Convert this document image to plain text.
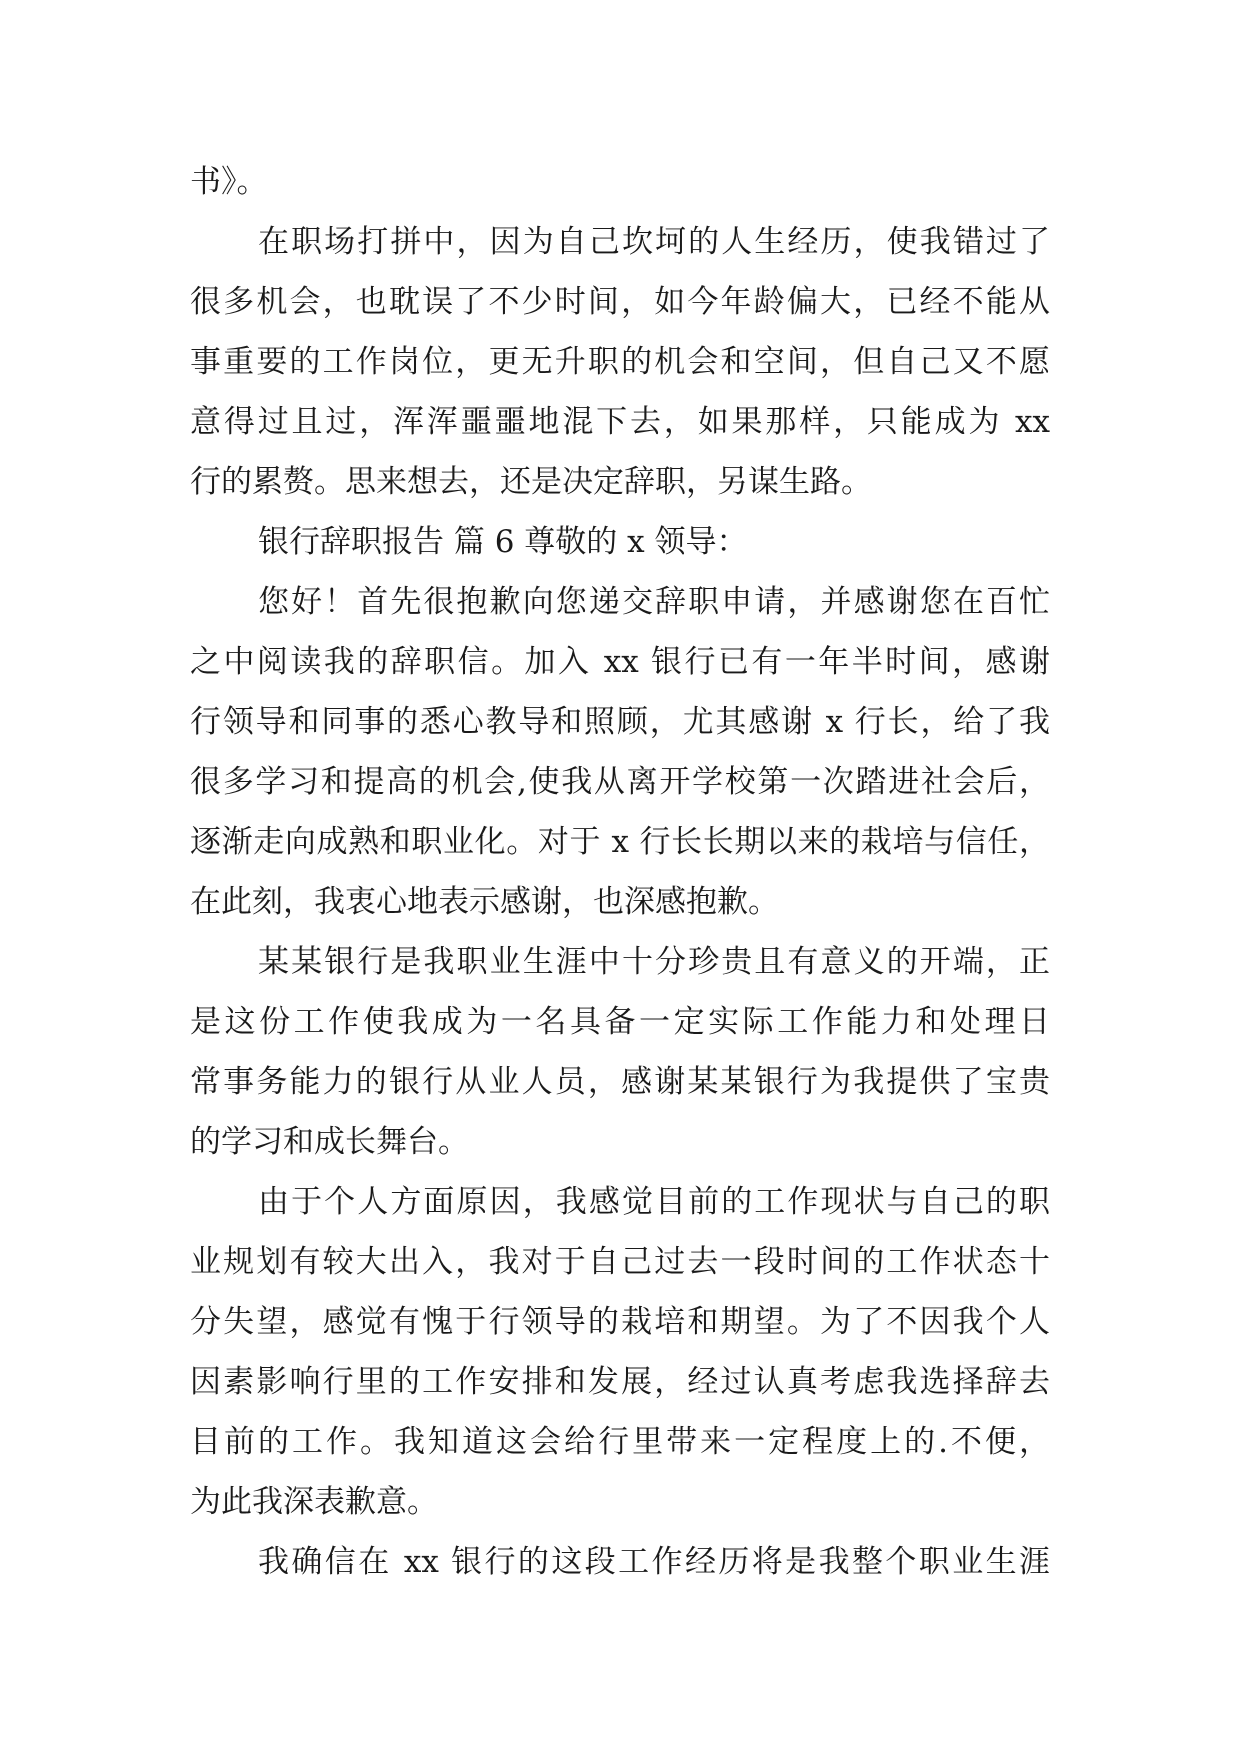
书》。
在职场打拼中，因为自己坎坷的人生经历，使我错过了
很多机会，也耽误了不少时间，如今年龄偏大，已经不能从
事重要的工作岗位，更无升职的机会和空间，但自己又不愿
意得过且过，浑浑噩噩地混下去，如果那样，只能成为 xx
行的累赘。思来想去，还是决定辞职，另谋生路。
银行辞职报告 篇 6 尊敬的 x 领导：
您好！首先很抱歉向您递交辞职申请，并感谢您在百忙
之中阅读我的辞职信。加入 xx 银行已有一年半时间，感谢
行领导和同事的悉心教导和照顾，尤其感谢 x 行长，给了我
很多学习和提高的机会,使我从离开学校第一次踏进社会后，
逐渐走向成熟和职业化。对于 x 行长长期以来的栽培与信任，
在此刻，我衷心地表示感谢，也深感抱歉。
某某银行是我职业生涯中十分珍贵且有意义的开端，正
是这份工作使我成为一名具备一定实际工作能力和处理日
常事务能力的银行从业人员，感谢某某银行为我提供了宝贵
的学习和成长舞台。
由于个人方面原因，我感觉目前的工作现状与自己的职
业规划有较大出入，我对于自己过去一段时间的工作状态十
分失望，感觉有愧于行领导的栽培和期望。为了不因我个人
因素影响行里的工作安排和发展，经过认真考虑我选择辞去
目前的工作。我知道这会给行里带来一定程度上的.不便，
为此我深表歉意。
我确信在 xx 银行的这段工作经历将是我整个职业生涯
